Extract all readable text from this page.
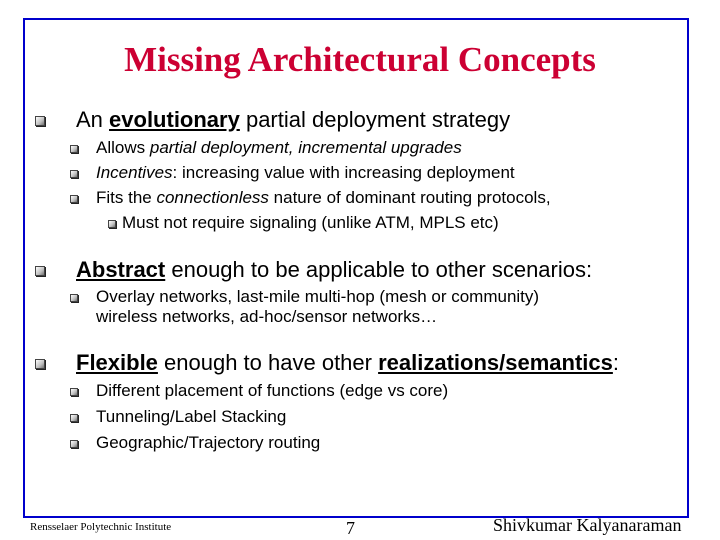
Missing Architectural Concepts
An evolutionary partial deployment strategy
Allows partial deployment, incremental upgrades
Incentives: increasing value with increasing deployment
Fits the connectionless nature of dominant routing protocols,
Must not require signaling (unlike ATM, MPLS etc)
Abstract enough to be applicable to other scenarios:
Overlay networks, last-mile multi-hop (mesh or community)
wireless networks, ad-hoc/sensor networks…
Flexible enough to have other realizations/semantics:
Different placement of functions (edge vs core)
Tunneling/Label Stacking
Geographic/Trajectory routing
Rensselaer Polytechnic Institute	7	Shivkumar Kalyanaraman
